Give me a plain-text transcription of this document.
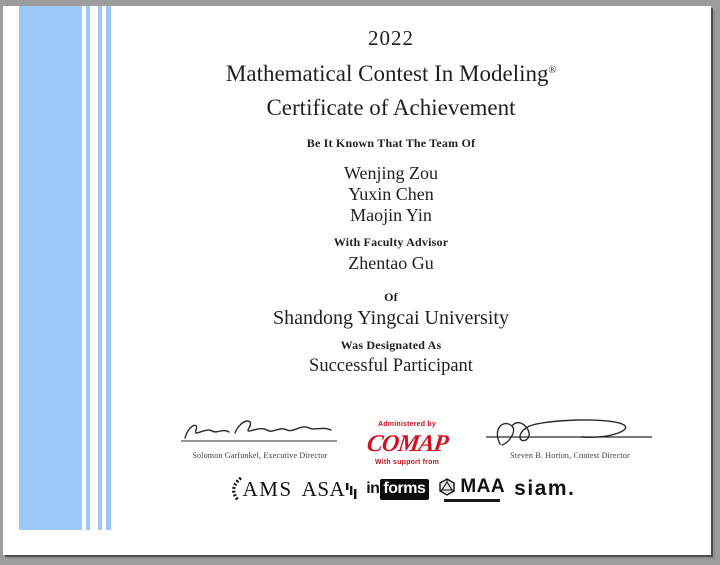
2022
Mathematical Contest In Modeling®
Certificate of Achievement
Be It Known That The Team Of
Wenjing Zou
Yuxin Chen
Maojin Yin
With Faculty Advisor
Zhentao Gu
Of
Shandong Yingcai University
Was Designated As
Successful Participant
Solomon Garfunkel, Executive Director
Administered by
COMAP
With support from
Steven B. Horton, Contest Director
AMS ASA in forms MAA siam.
